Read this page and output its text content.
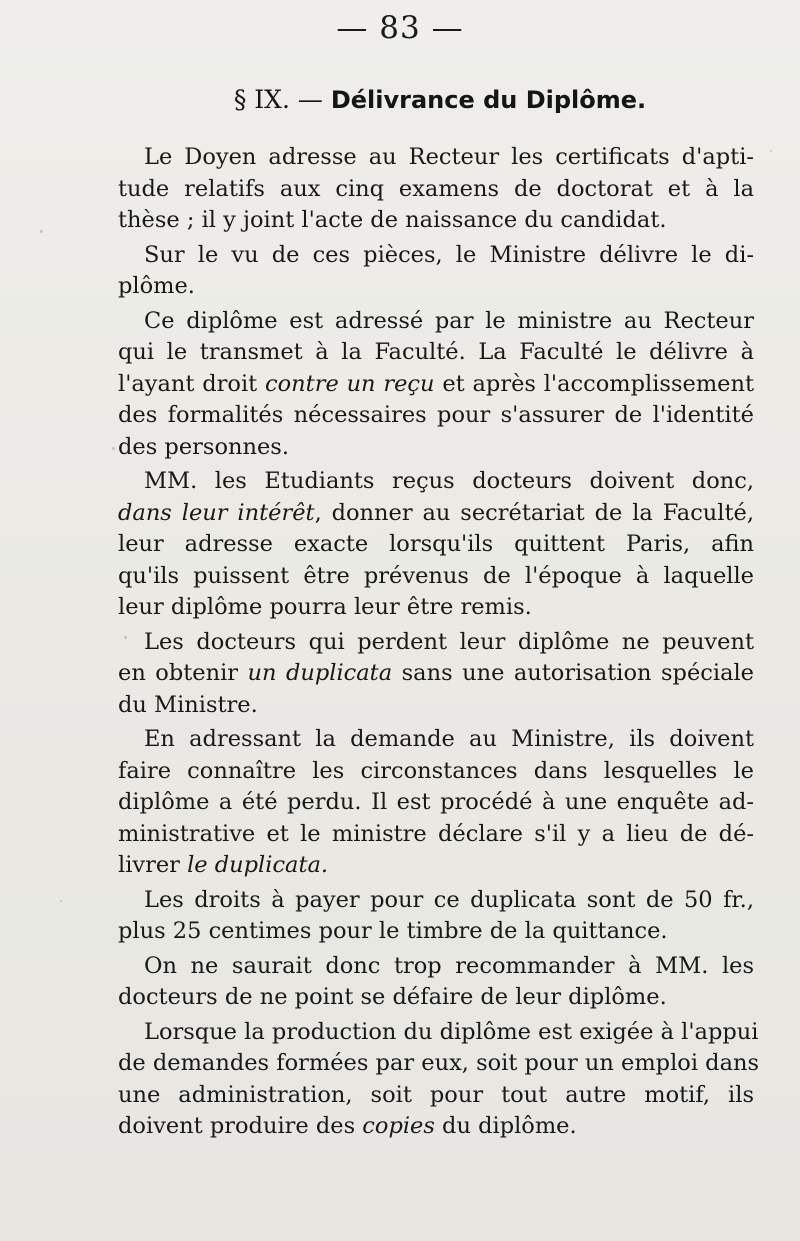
— 83 —
§ IX. — Délivrance du Diplôme.
Le Doyen adresse au Recteur les certificats d'apti-
tude relatifs aux cinq examens de doctorat et à la
thèse ; il y joint l'acte de naissance du candidat.
Sur le vu de ces pièces, le Ministre délivre le di-
plôme.
Ce diplôme est adressé par le ministre au Recteur
qui le transmet à la Faculté. La Faculté le délivre à
l'ayant droit contre un reçu et après l'accomplissement
des formalités nécessaires pour s'assurer de l'identité
des personnes.
MM. les Etudiants reçus docteurs doivent donc,
dans leur intérêt, donner au secrétariat de la Faculté,
leur adresse exacte lorsqu'ils quittent Paris, afin
qu'ils puissent être prévenus de l'époque à laquelle
leur diplôme pourra leur être remis.
Les docteurs qui perdent leur diplôme ne peuvent
en obtenir un duplicata sans une autorisation spéciale
du Ministre.
En adressant la demande au Ministre, ils doivent
faire connaître les circonstances dans lesquelles le
diplôme a été perdu. Il est procédé à une enquête ad-
ministrative et le ministre déclare s'il y a lieu de dé-
livrer le duplicata.
Les droits à payer pour ce duplicata sont de 50 fr.,
plus 25 centimes pour le timbre de la quittance.
On ne saurait donc trop recommander à MM. les
docteurs de ne point se défaire de leur diplôme.
Lorsque la production du diplôme est exigée à l'appui
de demandes formées par eux, soit pour un emploi dans
une administration, soit pour tout autre motif, ils
doivent produire des copies du diplôme.
